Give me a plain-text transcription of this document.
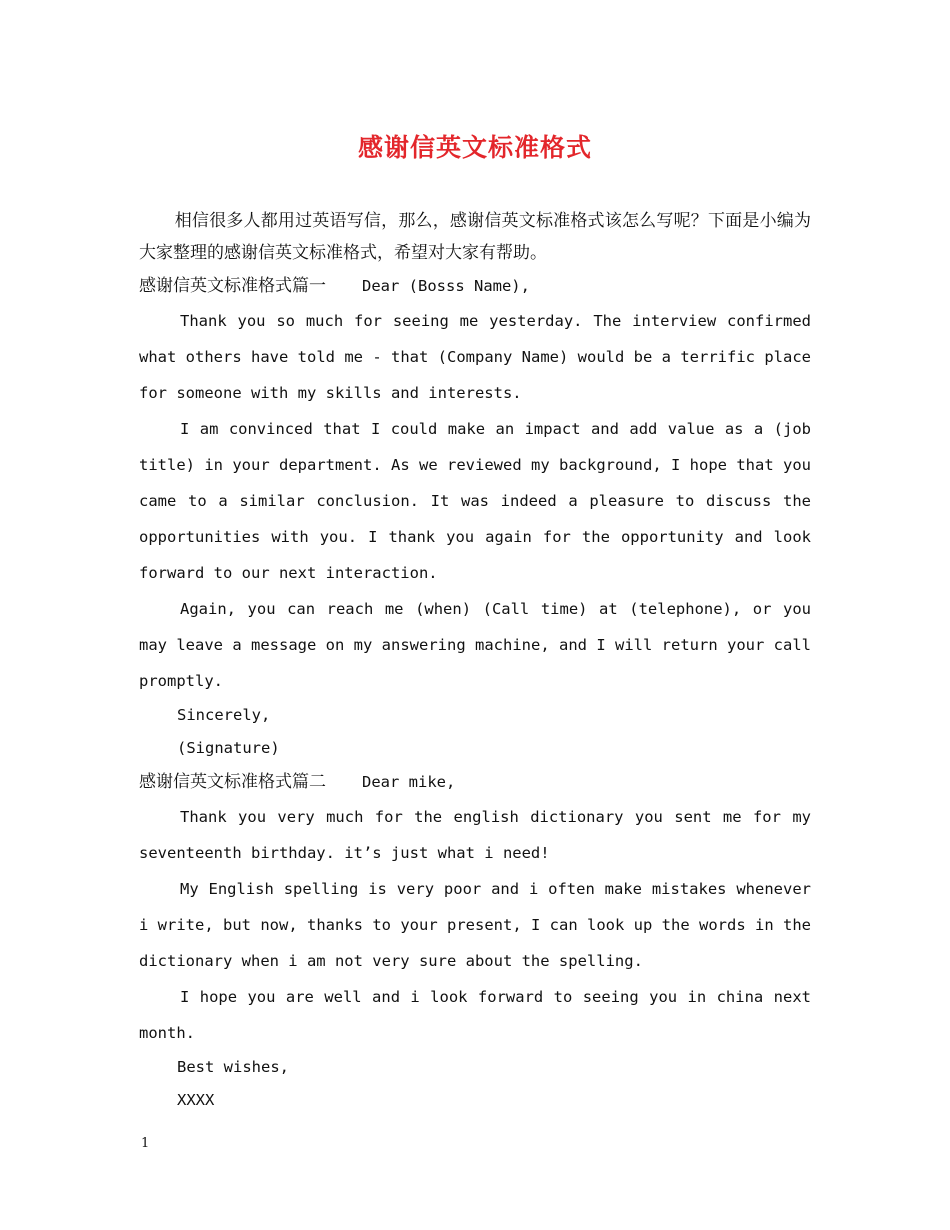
感谢信英文标准格式

相信很多人都用过英语写信，那么，感谢信英文标准格式该怎么写呢？下面是小编为大家整理的感谢信英文标准格式，希望对大家有帮助。

感谢信英文标准格式篇一 Dear (Bosss Name),

Thank you so much for seeing me yesterday. The interview confirmed what others have told me - that (Company Name) would be a terrific place for someone with my skills and interests.

I am convinced that I could make an impact and add value as a (job title) in your department. As we reviewed my background, I hope that you came to a similar conclusion. It was indeed a pleasure to discuss the opportunities with you. I thank you again for the opportunity and look forward to our next interaction.

Again, you can reach me (when) (Call time) at (telephone), or you may leave a message on my answering machine, and I will return your call promptly.

Sincerely,

(Signature)

感谢信英文标准格式篇二 Dear mike,

Thank you very much for the english dictionary you sent me for my seventeenth birthday. it’s just what i need!

My English spelling is very poor and i often make mistakes whenever i write, but now, thanks to your present, I can look up the words in the dictionary when i am not very sure about the spelling.

I hope you are well and i look forward to seeing you in china next month.

Best wishes,

XXXX

1
